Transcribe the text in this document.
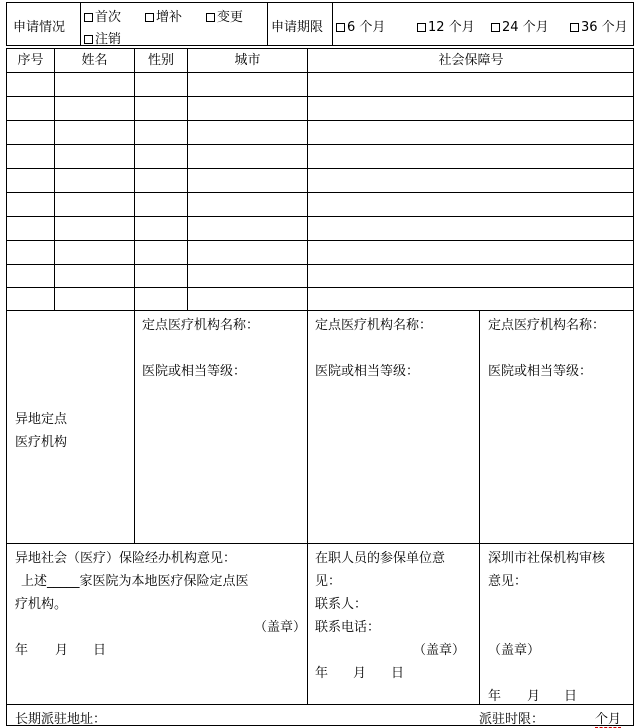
申请情况
首次	增补	变更
注销
申请期限	6 个月	12 个月	24 个月	36 个月
序号	姓名	性别	城市	社会保障号
异地定点
医疗机构
定点医疗机构名称：
医院或相当等级：
定点医疗机构名称：
医院或相当等级：
定点医疗机构名称：
医院或相当等级：
异地社会（医疗）保险经办机构意见：
上述_____家医院为本地医疗保险定点医
疗机构。
（盖章）
年 月 日
在职人员的参保单位意
见：
联系人：
联系电话：
（盖章）
年 月 日
深圳市社保机构审核
意见：
（盖章）
年 月 日
长期派驻地址：	派驻时限：	个月
